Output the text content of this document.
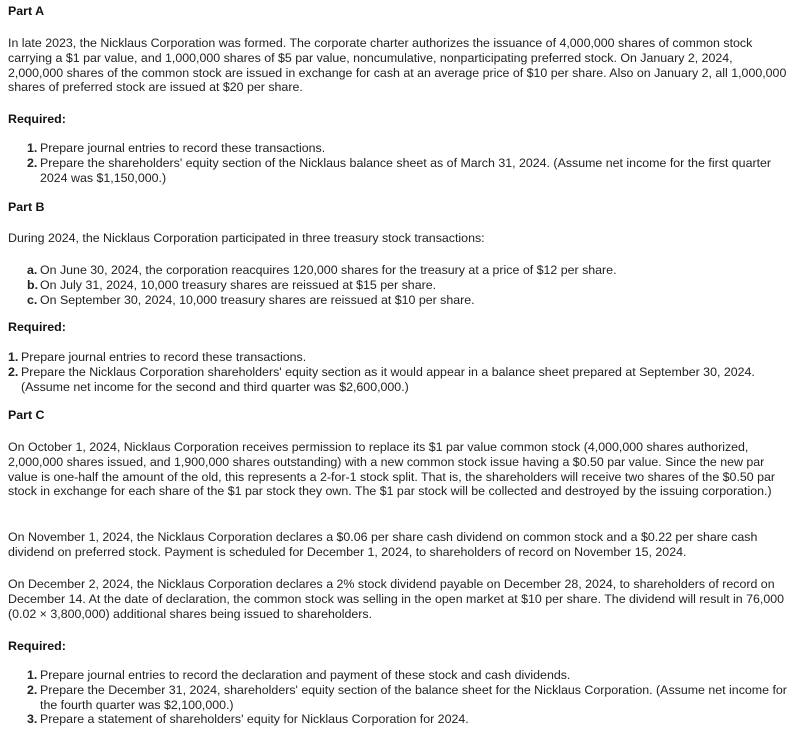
Part A

In late 2023, the Nicklaus Corporation was formed. The corporate charter authorizes the issuance of 4,000,000 shares of common stock carrying a $1 par value, and 1,000,000 shares of $5 par value, noncumulative, nonparticipating preferred stock. On January 2, 2024, 2,000,000 shares of the common stock are issued in exchange for cash at an average price of $10 per share. Also on January 2, all 1,000,000 shares of preferred stock are issued at $20 per share.

Required:
1. Prepare journal entries to record these transactions.
2. Prepare the shareholders' equity section of the Nicklaus balance sheet as of March 31, 2024. (Assume net income for the first quarter 2024 was $1,150,000.)
Part B

During 2024, the Nicklaus Corporation participated in three treasury stock transactions:

a. On June 30, 2024, the corporation reacquires 120,000 shares for the treasury at a price of $12 per share.
b. On July 31, 2024, 10,000 treasury shares are reissued at $15 per share.
c. On September 30, 2024, 10,000 treasury shares are reissued at $10 per share.
Required:
1. Prepare journal entries to record these transactions.
2. Prepare the Nicklaus Corporation shareholders' equity section as it would appear in a balance sheet prepared at September 30, 2024. (Assume net income for the second and third quarter was $2,600,000.)
Part C

On October 1, 2024, Nicklaus Corporation receives permission to replace its $1 par value common stock (4,000,000 shares authorized, 2,000,000 shares issued, and 1,900,000 shares outstanding) with a new common stock issue having a $0.50 par value. Since the new par value is one-half the amount of the old, this represents a 2-for-1 stock split. That is, the shareholders will receive two shares of the $0.50 par stock in exchange for each share of the $1 par stock they own. The $1 par stock will be collected and destroyed by the issuing corporation.)

On November 1, 2024, the Nicklaus Corporation declares a $0.06 per share cash dividend on common stock and a $0.22 per share cash dividend on preferred stock. Payment is scheduled for December 1, 2024, to shareholders of record on November 15, 2024.

On December 2, 2024, the Nicklaus Corporation declares a 2% stock dividend payable on December 28, 2024, to shareholders of record on December 14. At the date of declaration, the common stock was selling in the open market at $10 per share. The dividend will result in 76,000 (0.02 × 3,800,000) additional shares being issued to shareholders.

Required:
1. Prepare journal entries to record the declaration and payment of these stock and cash dividends.
2. Prepare the December 31, 2024, shareholders' equity section of the balance sheet for the Nicklaus Corporation. (Assume net income for the fourth quarter was $2,100,000.)
3. Prepare a statement of shareholders' equity for Nicklaus Corporation for 2024.
